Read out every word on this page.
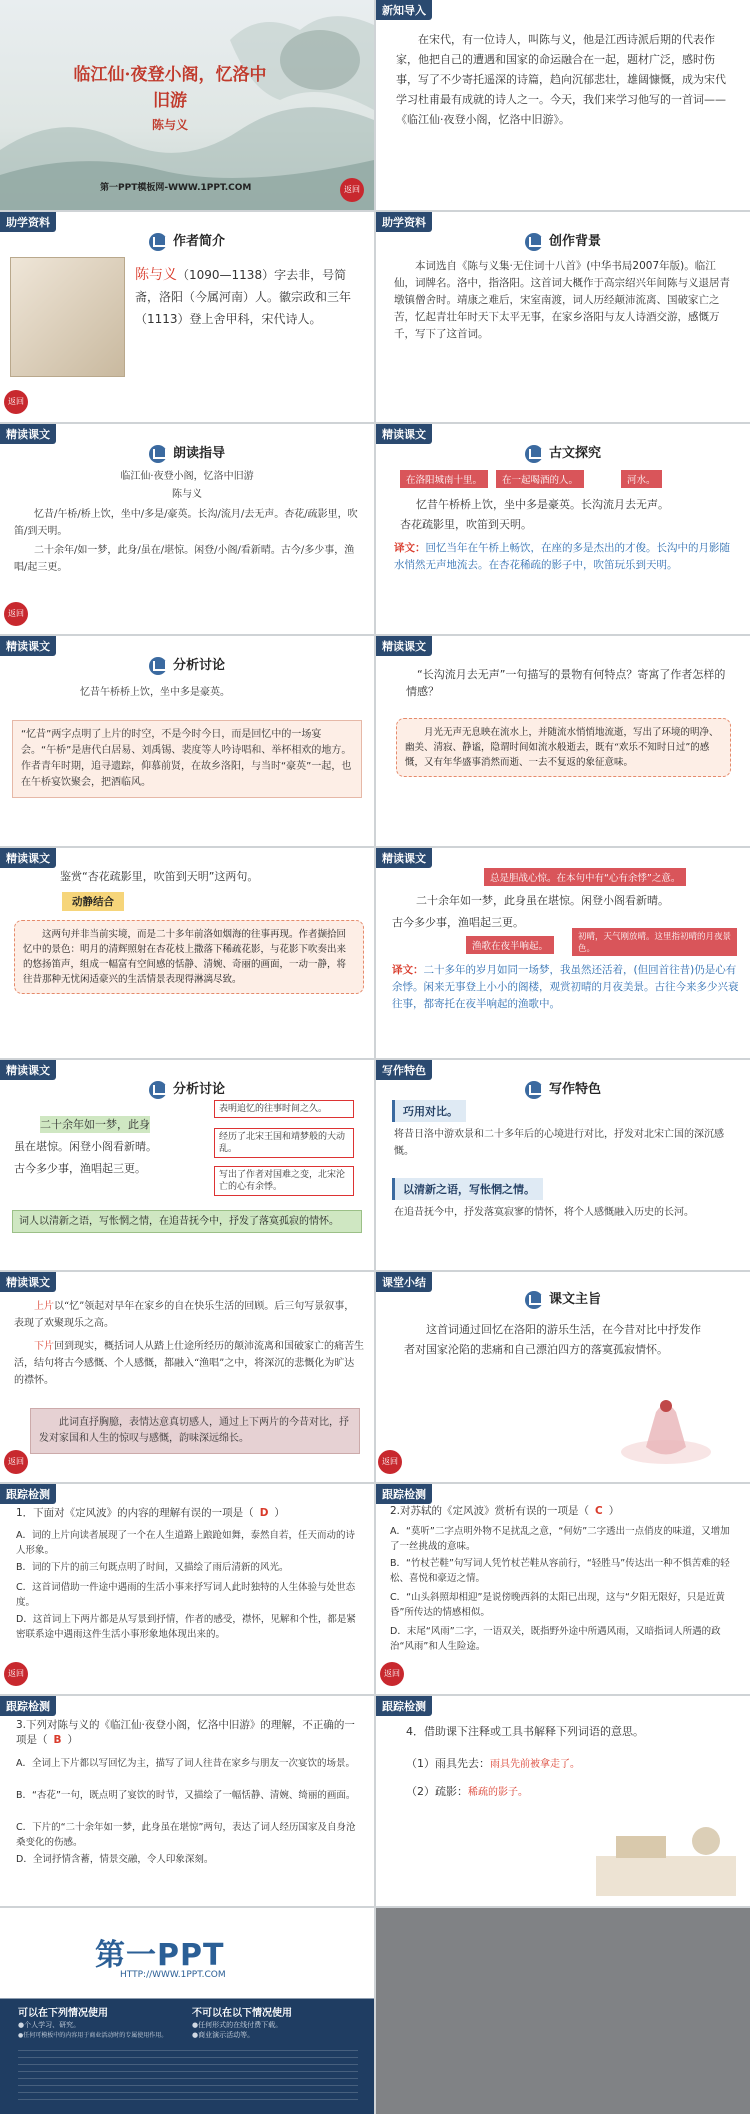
临江仙·夜登小阁，忆洛中旧游
陈与义
第一PPT模板网-WWW.1PPT.COM	返回
新知导入
在宋代，有一位诗人，叫陈与义，他是江西诗派后期的代表作家，他把自己的遭遇和国家的命运融合在一起，题材广泛，感时伤事，写了不少寄托遥深的诗篇，趋向沉郁悲壮，雄阔慷慨，成为宋代学习杜甫最有成就的诗人之一。今天，我们来学习他写的一首词——《临江仙·夜登小阁，忆洛中旧游》。
助学资料
作者简介
陈与义（1090—1138）字去非，号简斋，洛阳（今属河南）人。徽宗政和三年（1113）登上舍甲科，宋代诗人。
返回
助学资料
创作背景
本词选自《陈与义集·无住词十八首》(中华书局2007年版)。临江仙，词牌名。洛中，指洛阳。这首词大概作于高宗绍兴年间陈与义退居青墩镇僧舍时。靖康之难后，宋室南渡，词人历经颠沛流离、国破家亡之苦，忆起青壮年时天下太平无事，在家乡洛阳与友人诗酒交游，感慨万千，写下了这首词。
精读课文
朗读指导
临江仙·夜登小阁，忆洛中旧游
陈与义
忆昔/午桥/桥上饮，坐中/多是/豪英。长沟/流月/去无声。杏花/疏影里，吹笛/到天明。
二十余年/如一梦，此身/虽在/堪惊。闲登/小阁/看新晴。古今/多少事，渔唱/起三更。
返回
精读课文
古文探究
在洛阳城南十里。	在一起喝酒的人。	河水。
忆昔午桥桥上饮，坐中多是豪英。长沟流月去无声。
杏花疏影里，吹笛到天明。
译文：回忆当年在午桥上畅饮，在座的多是杰出的才俊。长沟中的月影随水悄然无声地流去。在杏花稀疏的影子中，吹笛玩乐到天明。
精读课文
分析讨论
忆昔午桥桥上饮，坐中多是豪英。
“忆昔”两字点明了上片的时空，不是今时今日，而是回忆中的一场宴会。“午桥”是唐代白居易、刘禹锡、裴度等人吟诗唱和、举杯相欢的地方。作者青年时期，追寻遗踪，仰慕前贤，在故乡洛阳，与当时“豪英”一起，也在午桥宴饮聚会，把酒临风。
精读课文
“长沟流月去无声”一句描写的景物有何特点？寄寓了作者怎样的情感？
月光无声无息映在流水上，并随流水悄悄地流逝，写出了环境的明净、幽美、清寂、静谧，隐谓时间如流水般逝去，既有“欢乐不知时日过”的感慨，又有年华盛事消然而逝、一去不复返的象征意味。
精读课文
鉴赏“杏花疏影里，吹笛到天明”这两句。
动静结合
这两句并非当前实境，而是二十多年前洛如烟海的往事再现。作者撷拾回忆中的景色：明月的清辉照射在杏花枝上撒落下稀疏花影，与花影下吹奏出来的悠扬笛声，组成一幅富有空间感的恬静、清婉、奇丽的画面，一动一静，将往昔那种无忧闲适豪兴的生活情景表现得淋漓尽致。
精读课文
总是胆战心惊。在本句中有“心有余悸”之意。
二十余年如一梦，此身虽在堪惊。闲登小阁看新晴。
古今多少事，渔唱起三更。
渔歌在夜半响起。
初晴，天气刚放晴。这里指初晴的月夜景色。
译文：二十多年的岁月如同一场梦，我虽然还活着，(但回首往昔)仍是心有余悸。闲来无事登上小小的阁楼，观赏初晴的月夜美景。古往今来多少兴衰往事，都寄托在夜半响起的渔歌中。
精读课文
分析讨论
二十余年如一梦，此身
虽在堪惊。闲登小阁看新晴。
古今多少事，渔唱起三更。
表明追忆的往事时间之久。
经历了北宋王国和靖梦般的大动乱。
写出了作者对国难之变，北宋沦亡的心有余悸。
词人以清新之语，写怅惘之情，在追昔抚今中，抒发了落寞孤寂的情怀。
写作特色
写作特色
巧用对比。
将昔日洛中游欢景和二十多年后的心境进行对比，抒发对北宋亡国的深沉感慨。
以清新之语，写怅惘之情。
在追昔抚今中，抒发落寞寂寥的情怀，将个人感慨融入历史的长河。
精读课文
上片以“忆”领起对早年在家乡的自在快乐生活的回顾。后三句写景叙事，表现了欢聚现乐之高。
下片回到现实，概括词人从踏上仕途所经历的颠沛流离和国破家亡的痛苦生活，结句将古今感慨、个人感慨，都融入“渔唱”之中，将深沉的悲慨化为旷达的襟怀。
此词直抒胸臆，表情达意真切感人，通过上下两片的今昔对比，抒发对家国和人生的惊叹与感慨，韵味深远绵长。
返回
课堂小结
课文主旨
这首词通过回忆在洛阳的游乐生活，在今昔对比中抒发作者对国家沦陷的悲痛和自己漂泊四方的落寞孤寂情怀。
返回
跟踪检测
1．下面对《定风波》的内容的理解有误的一项是（ D ）
A．词的上片向读者展现了一个在人生道路上踉跄如舞，泰然自若，任天而动的诗人形象。
B．词的下片的前三句既点明了时间，又描绘了雨后清新的风光。
C．这首词借助一件途中遇雨的生活小事来抒写词人此时独特的人生体验与处世态度。
D．这首词上下两片都是从写景到抒情，作者的感受，襟怀，见解和个性，都是紧密联系途中遇雨这件生活小事形象地体现出来的。
返回
跟踪检测
2.对苏轼的《定风波》赏析有误的一项是（ C ）
A．“莫听”二字点明外物不足扰乱之意，“何妨”二字透出一点俏皮的味道，又增加了一丝挑战的意味。
B．“竹杖芒鞋”句写词人凭竹杖芒鞋从容前行，“轻胜马”传达出一种不惧苦难的轻松、喜悦和豪迈之情。
C．“山头斜照却相迎”是说傍晚西斜的太阳已出现，这与“夕阳无限好，只是近黄昏”所传达的情感相似。
D．末尾“风雨”二字，一语双关，既指野外途中所遇风雨，又暗指词人所遇的政治“风雨”和人生险途。
返回
跟踪检测
3.下列对陈与义的《临江仙·夜登小阁，忆洛中旧游》的理解，不正确的一项是（ B ）
A．全词上下片都以写回忆为主，描写了词人往昔在家乡与朋友一次宴饮的场景。
B．“杏花”一句，既点明了宴饮的时节，又描绘了一幅恬静、清婉、绮丽的画面。
C．下片的“二十余年如一梦，此身虽在堪惊”两句，表达了词人经历国家及自身沧桑变化的伤感。
D．全词抒情含蓄，情景交融，令人印象深刻。
跟踪检测
4．借助课下注释或工具书解释下列词语的意思。
（1）雨具先去：雨具先前被拿走了。
（2）疏影：稀疏的影子。
第一PPT
HTTP://WWW.1PPT.COM
可以在下列情况使用
●个人学习、研究。
●任何可模板中的内容用于商业活动时的专属使用作用。
不可以在以下情况使用
●任何形式的在线付费下载。
●商业演示活动等。
